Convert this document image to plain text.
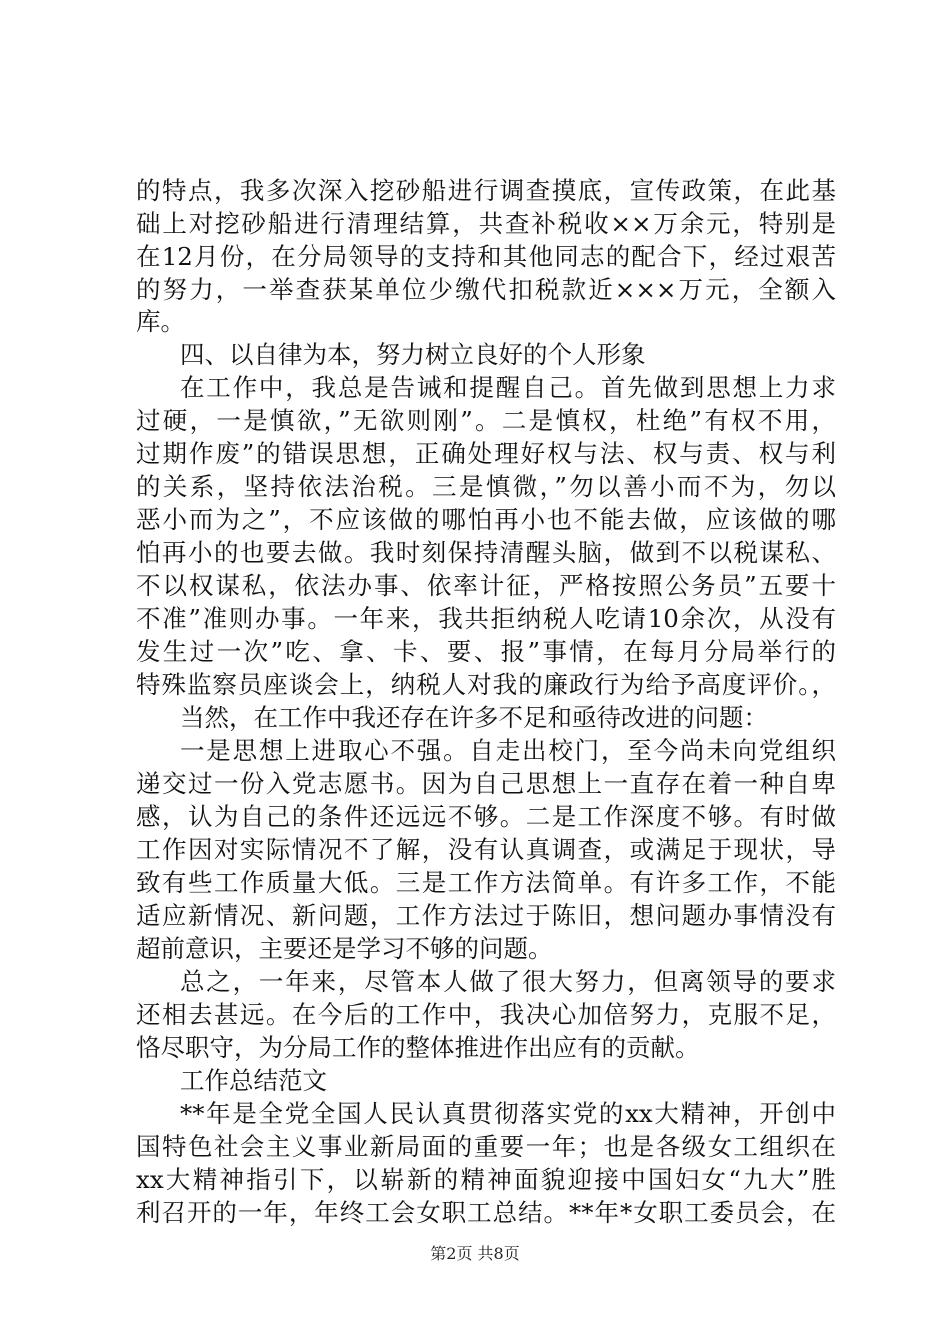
的特点，我多次深入挖砂船进行调查摸底，宣传政策，在此基
础上对挖砂船进行清理结算，共查补税收××万余元，特别是
在12月份，在分局领导的支持和其他同志的配合下，经过艰苦
的努力，一举查获某单位少缴代扣税款近×××万元，全额入
库。
四、以自律为本，努力树立良好的个人形象
在工作中，我总是告诫和提醒自己。首先做到思想上力求
过硬，一是慎欲，”无欲则刚”。二是慎权，杜绝”有权不用，
过期作废”的错误思想，正确处理好权与法、权与责、权与利
的关系，坚持依法治税。三是慎微，”勿以善小而不为，勿以
恶小而为之”，不应该做的哪怕再小也不能去做，应该做的哪
怕再小的也要去做。我时刻保持清醒头脑，做到不以税谋私、
不以权谋私，依法办事、依率计征，严格按照公务员”五要十
不准”准则办事。一年来，我共拒纳税人吃请10余次，从没有
发生过一次”吃、拿、卡、要、报”事情，在每月分局举行的
特殊监察员座谈会上，纳税人对我的廉政行为给予高度评价。，
当然，在工作中我还存在许多不足和亟待改进的问题：
一是思想上进取心不强。自走出校门，至今尚未向党组织
递交过一份入党志愿书。因为自己思想上一直存在着一种自卑
感，认为自己的条件还远远不够。二是工作深度不够。有时做
工作因对实际情况不了解，没有认真调查，或满足于现状，导
致有些工作质量大低。三是工作方法简单。有许多工作，不能
适应新情况、新问题，工作方法过于陈旧，想问题办事情没有
超前意识，主要还是学习不够的问题。
总之，一年来，尽管本人做了很大努力，但离领导的要求
还相去甚远。在今后的工作中，我决心加倍努力，克服不足，
恪尽职守，为分局工作的整体推进作出应有的贡献。
工作总结范文
**年是全党全国人民认真贯彻落实党的xx大精神，开创中
国特色社会主义事业新局面的重要一年；也是各级女工组织在
xx大精神指引下，以崭新的精神面貌迎接中国妇女“九大”胜
利召开的一年，年终工会女职工总结。**年*女职工委员会，在
第2页 共8页
